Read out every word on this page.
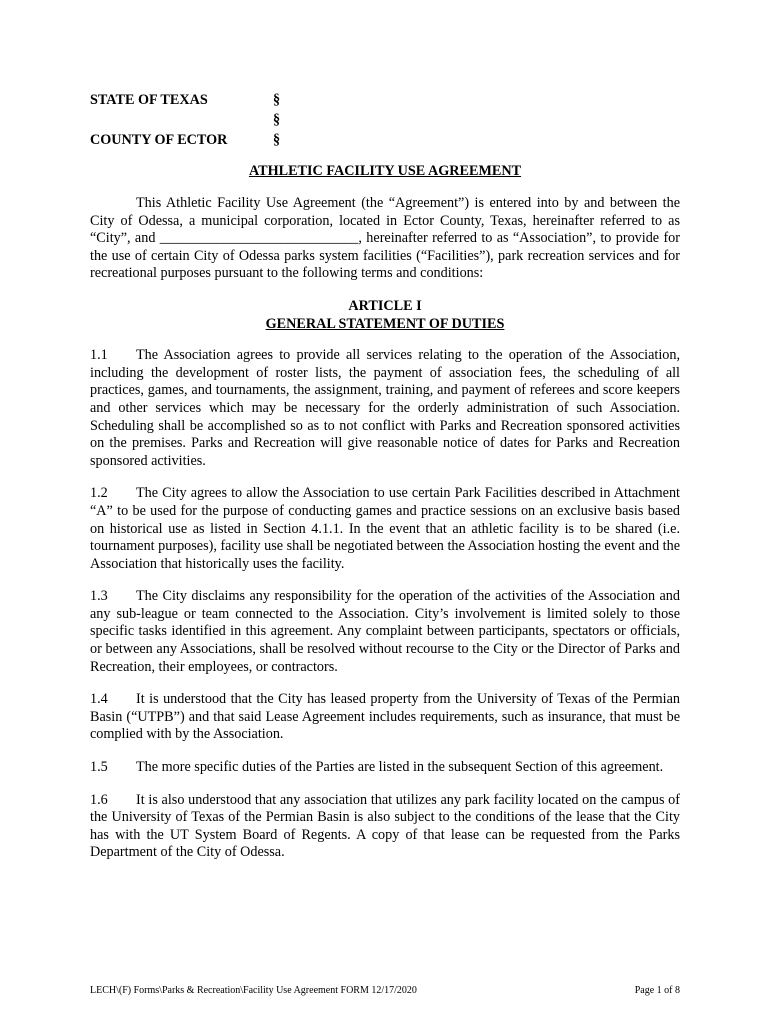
STATE OF TEXAS	§
§
COUNTY OF ECTOR	§
ATHLETIC FACILITY USE AGREEMENT

This Athletic Facility Use Agreement (the “Agreement”) is entered into by and between the City of Odessa, a municipal corporation, located in Ector County, Texas, hereinafter referred to as “City”, and ____________________________, hereinafter referred to as “Association”, to provide for the use of certain City of Odessa parks system facilities (“Facilities”), park recreation services and for recreational purposes pursuant to the following terms and conditions:

ARTICLE I
GENERAL STATEMENT OF DUTIES

1.1 The Association agrees to provide all services relating to the operation of the Association, including the development of roster lists, the payment of association fees, the scheduling of all practices, games, and tournaments, the assignment, training, and payment of referees and score keepers and other services which may be necessary for the orderly administration of such Association. Scheduling shall be accomplished so as to not conflict with Parks and Recreation sponsored activities on the premises. Parks and Recreation will give reasonable notice of dates for Parks and Recreation sponsored activities.

1.2 The City agrees to allow the Association to use certain Park Facilities described in Attachment “A” to be used for the purpose of conducting games and practice sessions on an exclusive basis based on historical use as listed in Section 4.1.1. In the event that an athletic facility is to be shared (i.e. tournament purposes), facility use shall be negotiated between the Association hosting the event and the Association that historically uses the facility.

1.3 The City disclaims any responsibility for the operation of the activities of the Association and any sub-league or team connected to the Association. City’s involvement is limited solely to those specific tasks identified in this agreement. Any complaint between participants, spectators or officials, or between any Associations, shall be resolved without recourse to the City or the Director of Parks and Recreation, their employees, or contractors.

1.4 It is understood that the City has leased property from the University of Texas of the Permian Basin (“UTPB”) and that said Lease Agreement includes requirements, such as insurance, that must be complied with by the Association.

1.5 The more specific duties of the Parties are listed in the subsequent Section of this agreement.

1.6 It is also understood that any association that utilizes any park facility located on the campus of the University of Texas of the Permian Basin is also subject to the conditions of the lease that the City has with the UT System Board of Regents. A copy of that lease can be requested from the Parks Department of the City of Odessa.

LECH\(F) Forms\Parks & Recreation\Facility Use Agreement FORM 12/17/2020	Page 1 of 8
